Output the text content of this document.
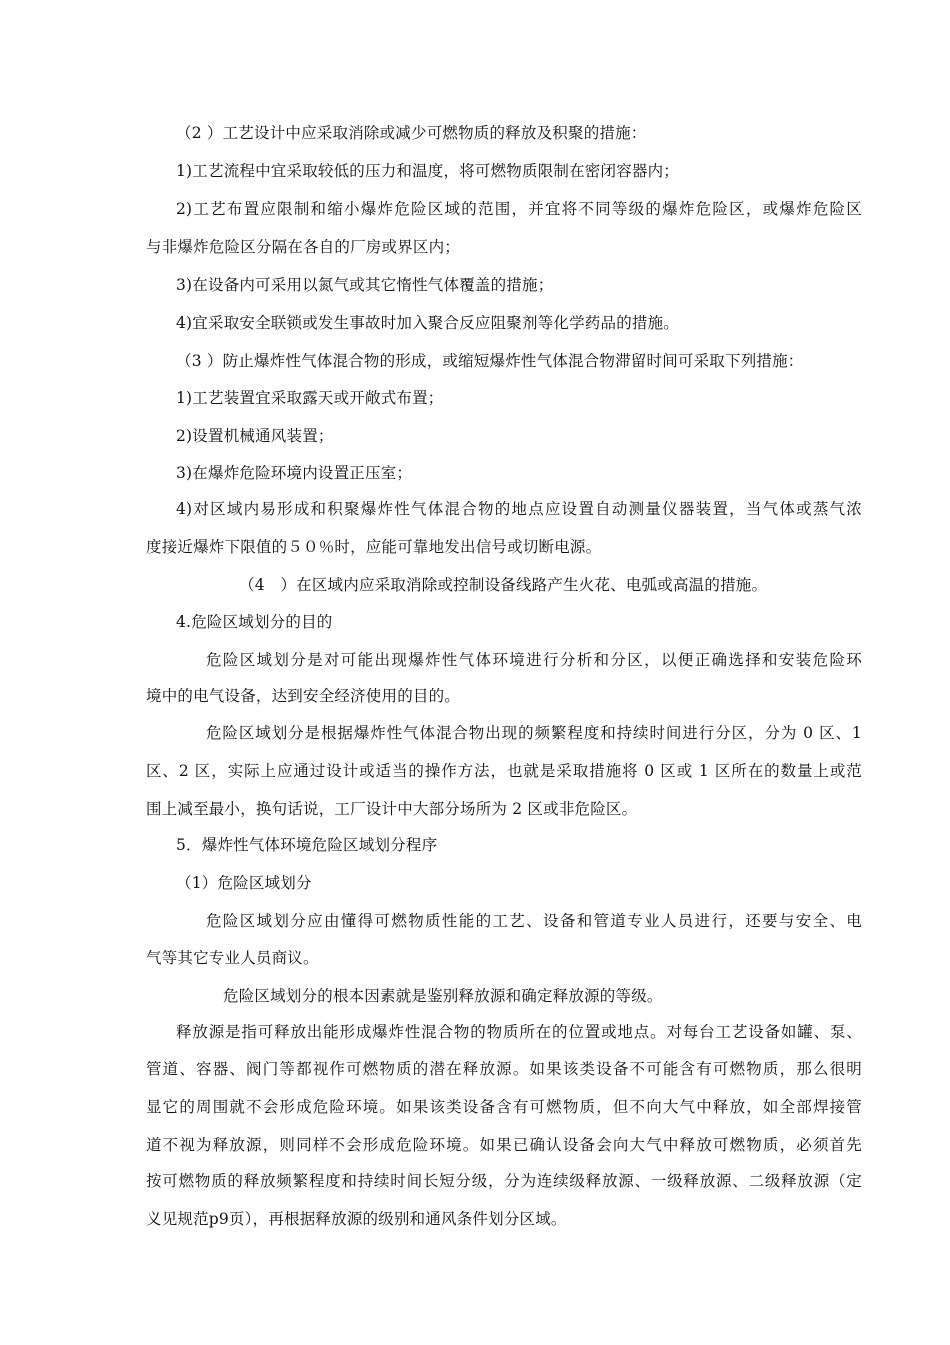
（2 ）工艺设计中应采取消除或减少可燃物质的释放及积聚的措施：
1)工艺流程中宜采取较低的压力和温度，将可燃物质限制在密闭容器内；
2)工艺布置应限制和缩小爆炸危险区域的范围，并宜将不同等级的爆炸危险区，或爆炸危险区
与非爆炸危险区分隔在各自的厂房或界区内；
3)在设备内可采用以氮气或其它惰性气体覆盖的措施；
4)宜采取安全联锁或发生事故时加入聚合反应阻聚剂等化学药品的措施。
（3 ）防止爆炸性气体混合物的形成，或缩短爆炸性气体混合物滞留时间可采取下列措施：
1)工艺装置宜采取露天或开敞式布置；
2)设置机械通风装置；
3)在爆炸危险环境内设置正压室；
4)对区域内易形成和积聚爆炸性气体混合物的地点应设置自动测量仪器装置，当气体或蒸气浓
度接近爆炸下限值的５０％时，应能可靠地发出信号或切断电源。
（4　）在区域内应采取消除或控制设备线路产生火花、电弧或高温的措施。
4.危险区域划分的目的
危险区域划分是对可能出现爆炸性气体环境进行分析和分区，以便正确选择和安装危险环
境中的电气设备，达到安全经济使用的目的。
危险区域划分是根据爆炸性气体混合物出现的频繁程度和持续时间进行分区，分为 0 区、1
区、2 区，实际上应通过设计或适当的操作方法，也就是采取措施将 0 区或 1 区所在的数量上或范
围上减至最小，换句话说，工厂设计中大部分场所为 2 区或非危险区。
5．爆炸性气体环境危险区域划分程序
（1）危险区域划分
危险区域划分应由懂得可燃物质性能的工艺、设备和管道专业人员进行，还要与安全、电
气等其它专业人员商议。
危险区域划分的根本因素就是鉴别释放源和确定释放源的等级。
释放源是指可释放出能形成爆炸性混合物的物质所在的位置或地点。对每台工艺设备如罐、泵、
管道、容器、阀门等都视作可燃物质的潜在释放源。如果该类设备不可能含有可燃物质，那么很明
显它的周围就不会形成危险环境。如果该类设备含有可燃物质，但不向大气中释放，如全部焊接管
道不视为释放源，则同样不会形成危险环境。如果已确认设备会向大气中释放可燃物质，必须首先
按可燃物质的释放频繁程度和持续时间长短分级，分为连续级释放源、一级释放源、二级释放源（定
义见规范p9页），再根据释放源的级别和通风条件划分区域。
